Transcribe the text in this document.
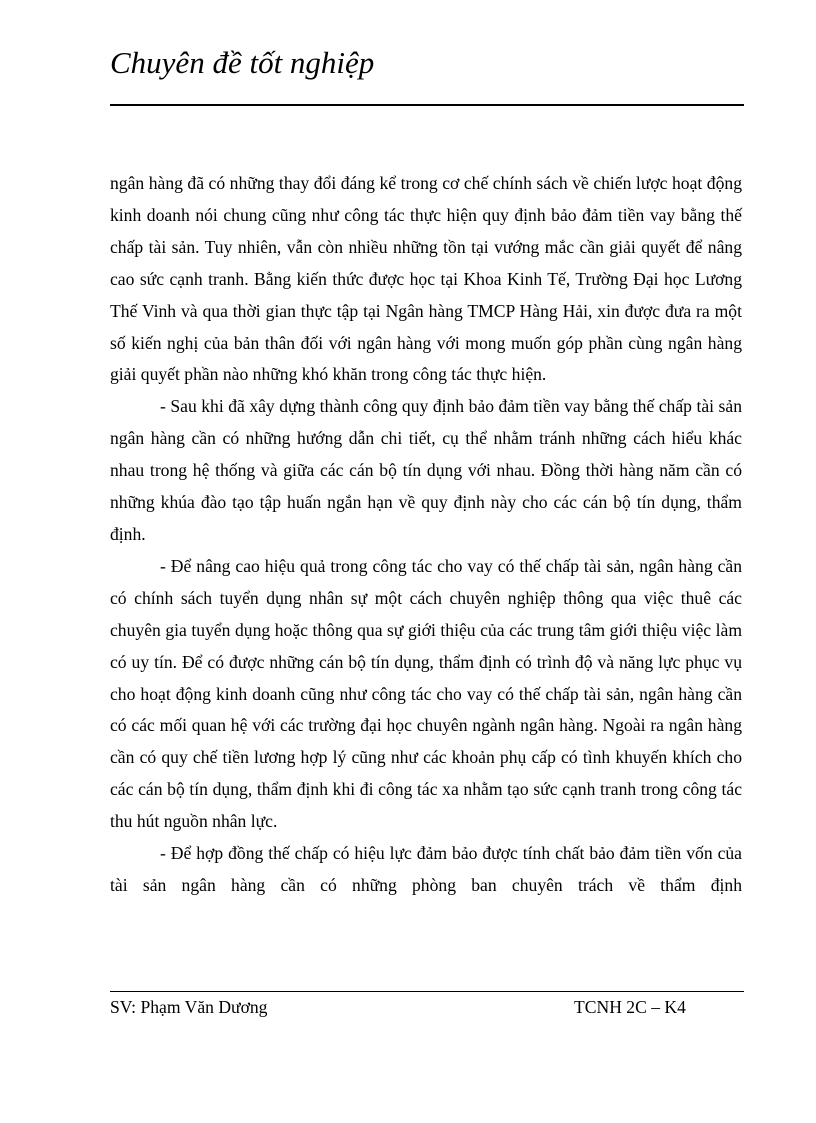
Chuyên đề tốt nghiệp

ngân hàng đã có những thay đổi đáng kể trong cơ chế chính sách về chiến lược hoạt động kinh doanh nói chung cũng như công tác thực hiện quy định bảo đảm tiền vay bằng thế chấp tài sản. Tuy nhiên, vẫn còn nhiều những tồn tại vướng mắc cần giải quyết để nâng cao sức cạnh tranh. Bằng kiến thức được học tại Khoa Kinh Tế, Trường Đại học Lương Thế Vinh và qua thời gian thực tập tại Ngân hàng TMCP Hàng Hải, xin được đưa ra một số kiến nghị của bản thân đối với ngân hàng với mong muốn góp phần cùng ngân hàng giải quyết phần nào những khó khăn trong công tác thực hiện.

- Sau khi đã xây dựng thành công quy định bảo đảm tiền vay bằng thế chấp tài sản ngân hàng cần có những hướng dẫn chi tiết, cụ thể nhằm tránh những cách hiểu khác nhau trong hệ thống và giữa các cán bộ tín dụng với nhau. Đồng thời hàng năm cần có những khúa đào tạo tập huấn ngắn hạn về quy định này cho các cán bộ tín dụng, thẩm định.

- Để nâng cao hiệu quả trong công tác cho vay có thế chấp tài sản, ngân hàng cần có chính sách tuyển dụng nhân sự một cách chuyên nghiệp thông qua việc thuê các chuyên gia tuyển dụng hoặc thông qua sự giới thiệu của các trung tâm giới thiệu việc làm có uy tín. Để có được những cán bộ tín dụng, thẩm định có trình độ và năng lực phục vụ cho hoạt động kinh doanh cũng như công tác cho vay có thế chấp tài sản, ngân hàng cần có các mối quan hệ với các trường đại học chuyên ngành ngân hàng. Ngoài ra ngân hàng cần có quy chế tiền lương hợp lý cũng như các khoản phụ cấp có tình khuyến khích cho các cán bộ tín dụng, thẩm định khi đi công tác xa nhằm tạo sức cạnh tranh trong công tác thu hút nguồn nhân lực.

- Để hợp đồng thế chấp có hiệu lực đảm bảo được tính chất bảo đảm tiền vốn của tài sản ngân hàng cần có những phòng ban chuyên trách về thẩm định

SV: Phạm Văn Dương	TCNH 2C – K4
